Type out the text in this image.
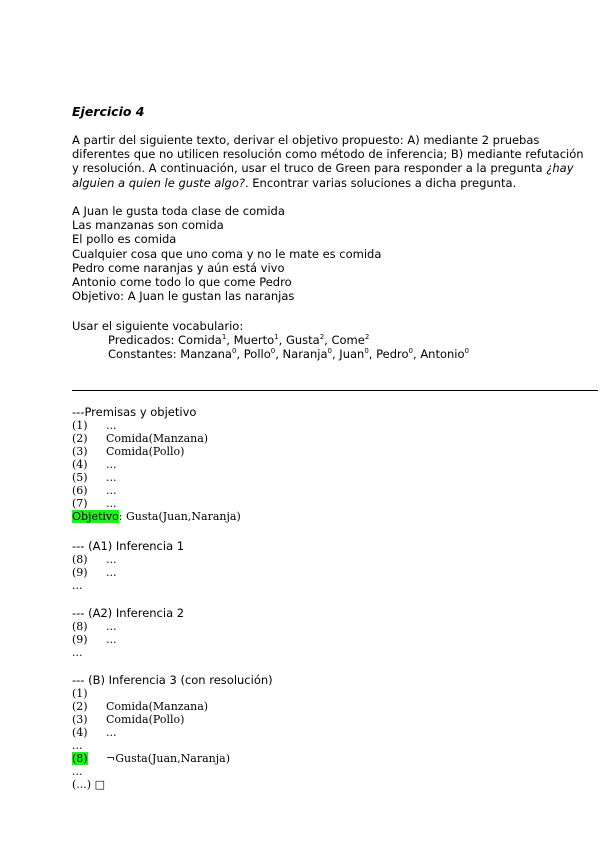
Ejercicio 4
A partir del siguiente texto, derivar el objetivo propuesto: A) mediante 2 pruebas diferentes que no utilicen resolución como método de inferencia; B) mediante refutación y resolución. A continuación, usar el truco de Green para responder a la pregunta ¿hay alguien a quien le guste algo?. Encontrar varias soluciones a dicha pregunta.
A Juan le gusta toda clase de comida
Las manzanas son comida
El pollo es comida
Cualquier cosa que uno coma y no le mate es comida
Pedro come naranjas y aún está vivo
Antonio come todo lo que come Pedro
Objetivo: A Juan le gustan las naranjas
Usar el siguiente vocabulario:
Predicados: Comida$^1$, Muerto$^1$, Gusta$^2$, Come$^2$
Constantes: Manzana$^0$, Pollo$^0$, Naranja$^0$, Juan$^0$, Pedro$^0$, Antonio$^0$
---Premisas y objetivo
(1) ...
(2) Comida(Manzana)
(3) Comida(Pollo)
(4) ...
(5) ...
(6) ...
(7) ...
Objetivo: Gusta(Juan,Naranja)
--- (A1) Inferencia 1
(8) ...
(9) ...
...
--- (A2) Inferencia 2
(8) ...
(9) ...
...
--- (B) Inferencia 3 (con resolución)
(1)
(2) Comida(Manzana)
(3) Comida(Pollo)
(4) ...
...
(8) ¬Gusta(Juan,Naranja)
...
(...) □
